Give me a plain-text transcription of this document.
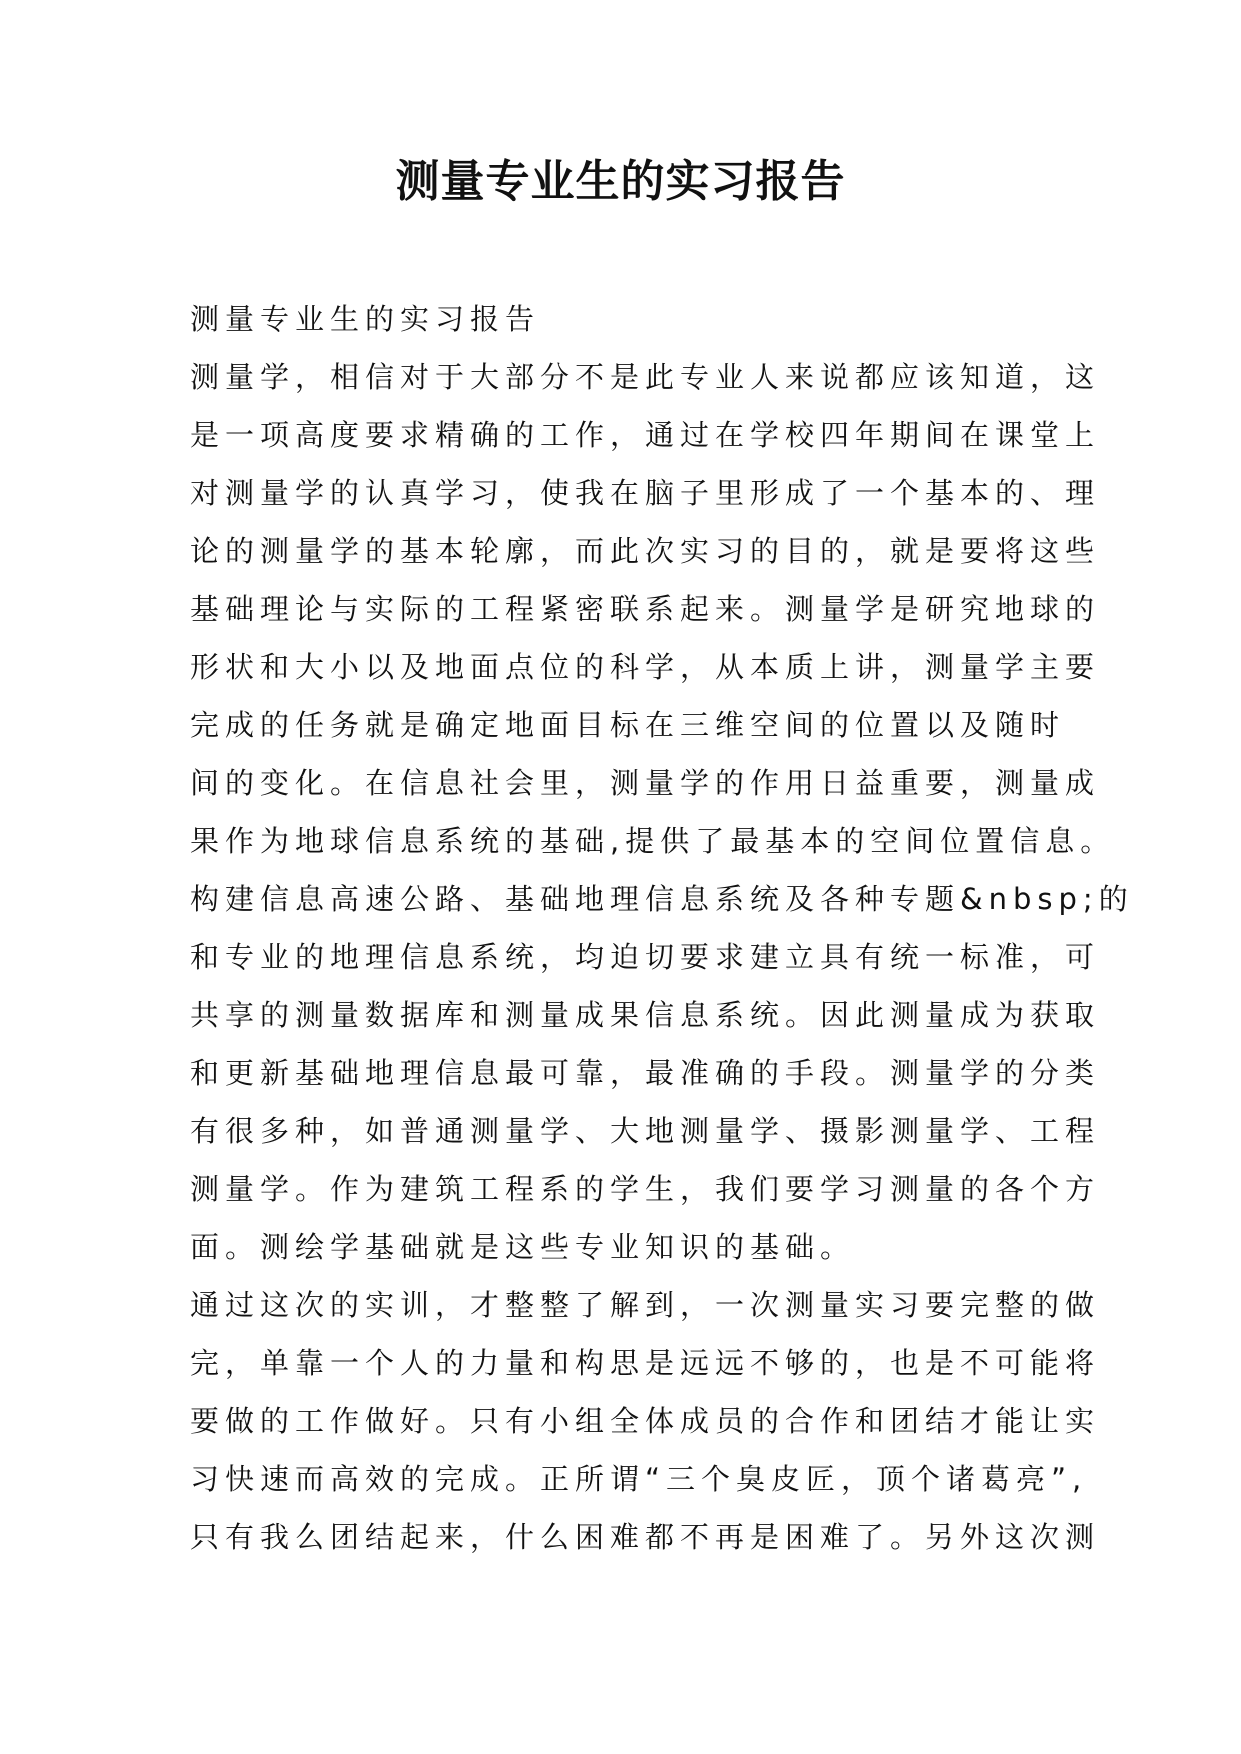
测量专业生的实习报告
测量专业生的实习报告
测量学，相信对于大部分不是此专业人来说都应该知道，这
是一项高度要求精确的工作，通过在学校四年期间在课堂上
对测量学的认真学习，使我在脑子里形成了一个基本的、理
论的测量学的基本轮廓，而此次实习的目的，就是要将这些
基础理论与实际的工程紧密联系起来。测量学是研究地球的
形状和大小以及地面点位的科学，从本质上讲，测量学主要
完成的任务就是确定地面目标在三维空间的位置以及随时
间的变化。在信息社会里，测量学的作用日益重要，测量成
果作为地球信息系统的基础,提供了最基本的空间位置信息。
构建信息高速公路、基础地理信息系统及各种专题&nbsp;的
和专业的地理信息系统，均迫切要求建立具有统一标准，可
共享的测量数据库和测量成果信息系统。因此测量成为获取
和更新基础地理信息最可靠，最准确的手段。测量学的分类
有很多种，如普通测量学、大地测量学、摄影测量学、工程
测量学。作为建筑工程系的学生，我们要学习测量的各个方
面。测绘学基础就是这些专业知识的基础。
通过这次的实训，才整整了解到，一次测量实习要完整的做
完，单靠一个人的力量和构思是远远不够的，也是不可能将
要做的工作做好。只有小组全体成员的合作和团结才能让实
习快速而高效的完成。正所谓“三个臭皮匠，顶个诸葛亮”,
只有我么团结起来，什么困难都不再是困难了。另外这次测
